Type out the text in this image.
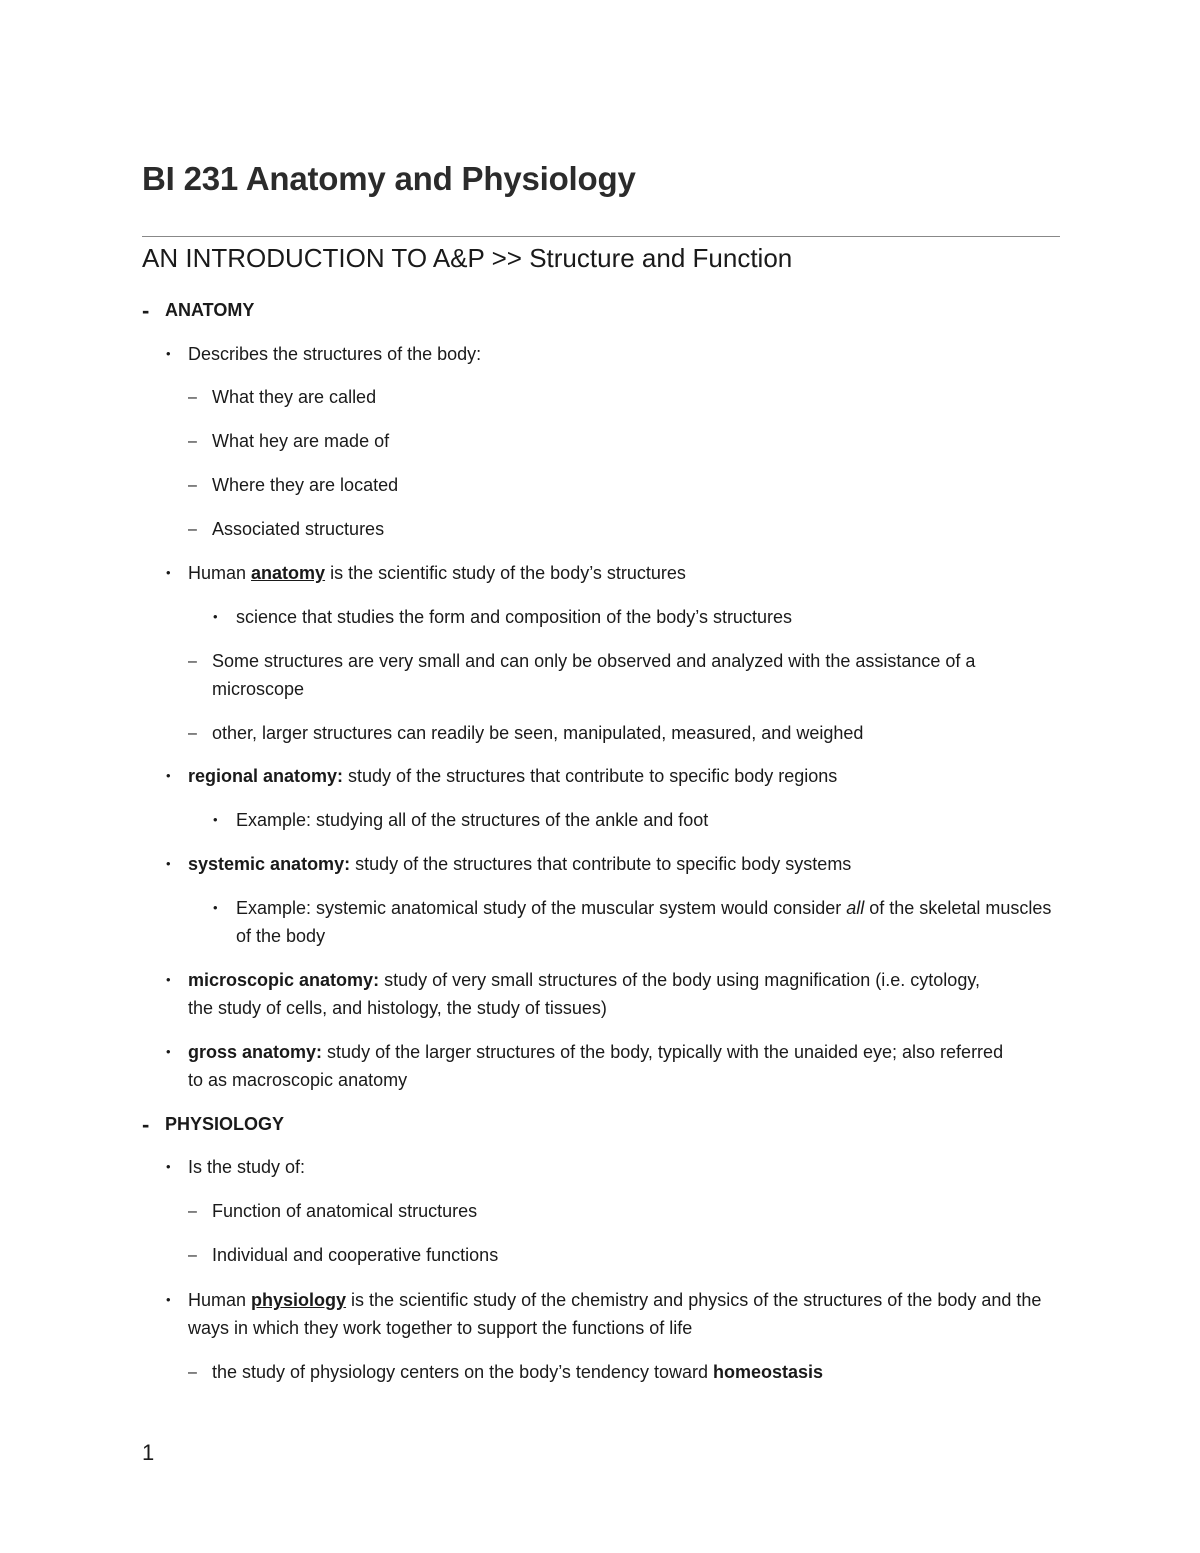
BI 231 Anatomy and Physiology
AN INTRODUCTION TO A&P >> Structure and Function
- ANATOMY
• Describes the structures of the body:
– What they are called
– What hey are made of
– Where they are located
– Associated structures
• Human anatomy is the scientific study of the body’s structures
• science that studies the form and composition of the body’s structures
– Some structures are very small and can only be observed and analyzed with the assistance of a microscope
– other, larger structures can readily be seen, manipulated, measured, and weighed
• regional anatomy: study of the structures that contribute to specific body regions
• Example: studying all of the structures of the ankle and foot
• systemic anatomy: study of the structures that contribute to specific body systems
• Example: systemic anatomical study of the muscular system would consider all of the skeletal muscles of the body
• microscopic anatomy: study of very small structures of the body using magnification (i.e. cytology, the study of cells, and histology, the study of tissues)
• gross anatomy: study of the larger structures of the body, typically with the unaided eye; also referred to as macroscopic anatomy
- PHYSIOLOGY
• Is the study of:
– Function of anatomical structures
– Individual and cooperative functions
• Human physiology is the scientific study of the chemistry and physics of the structures of the body and the ways in which they work together to support the functions of life
– the study of physiology centers on the body’s tendency toward homeostasis
1
